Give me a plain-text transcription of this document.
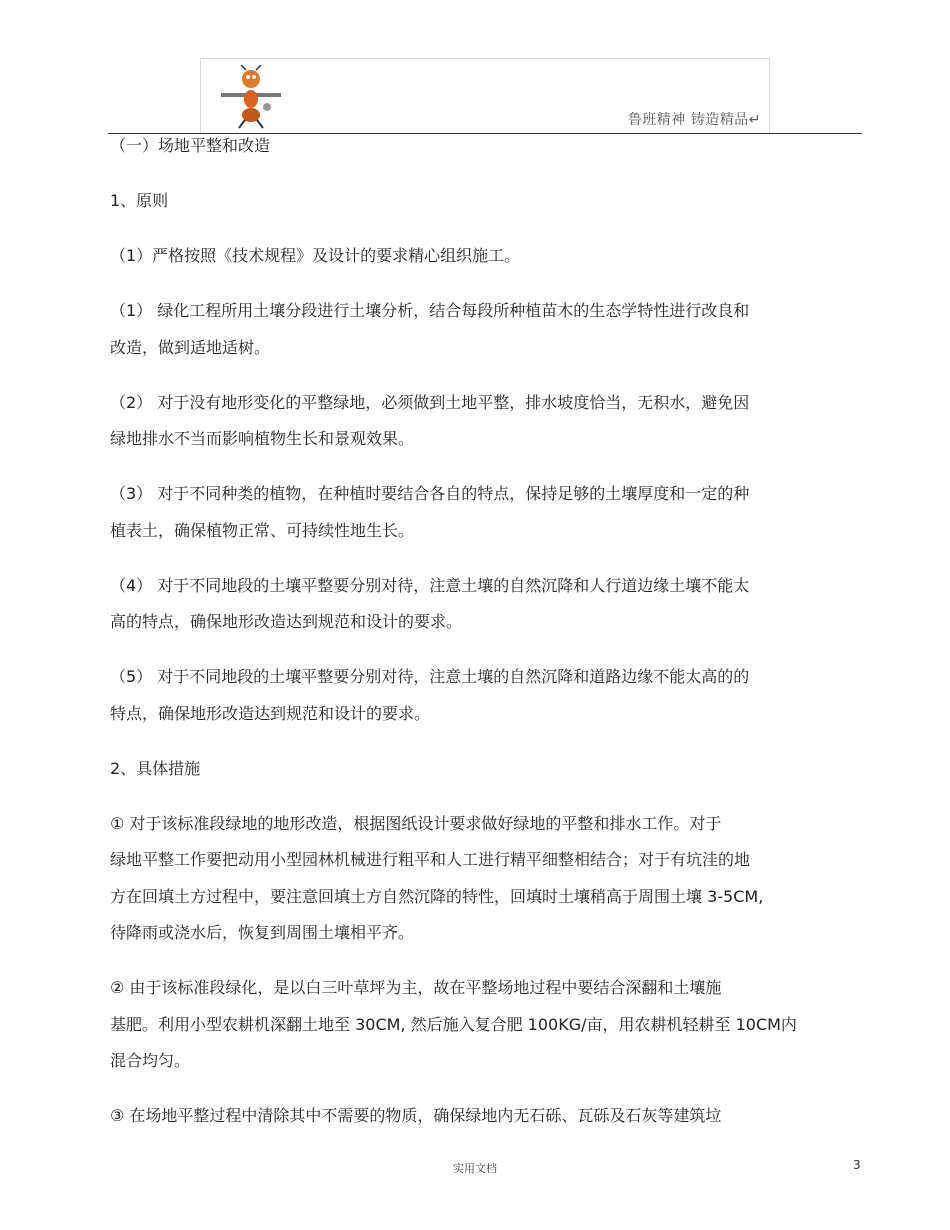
鲁班精神 铸造精品↵
（一）场地平整和改造
1、原则
（1）严格按照《技术规程》及设计的要求精心组织施工。
（1） 绿化工程所用土壤分段进行土壤分析，结合每段所种植苗木的生态学特性进行改良和
改造，做到适地适树。
（2） 对于没有地形变化的平整绿地，必须做到土地平整，排水坡度恰当，无积水，避免因
绿地排水不当而影响植物生长和景观效果。
（3） 对于不同种类的植物，在种植时要结合各自的特点，保持足够的土壤厚度和一定的种
植表土，确保植物正常、可持续性地生长。
（4） 对于不同地段的土壤平整要分别对待，注意土壤的自然沉降和人行道边缘土壤不能太
高的特点，确保地形改造达到规范和设计的要求。
（5） 对于不同地段的土壤平整要分别对待，注意土壤的自然沉降和道路边缘不能太高的的
特点，确保地形改造达到规范和设计的要求。
2、具体措施
① 对于该标准段绿地的地形改造，根据图纸设计要求做好绿地的平整和排水工作。对于
绿地平整工作要把动用小型园林机械进行粗平和人工进行精平细整相结合；对于有坑洼的地
方在回填土方过程中，要注意回填土方自然沉降的特性，回填时土壤稍高于周围土壤 3-5CM,
待降雨或浇水后，恢复到周围土壤相平齐。
② 由于该标准段绿化，是以白三叶草坪为主，故在平整场地过程中要结合深翻和土壤施
基肥。利用小型农耕机深翻土地至 30CM, 然后施入复合肥 100KG/亩，用农耕机轻耕至 10CM内
混合均匀。
③ 在场地平整过程中清除其中不需要的物质，确保绿地内无石砾、瓦砾及石灰等建筑垃
实用文档	3
